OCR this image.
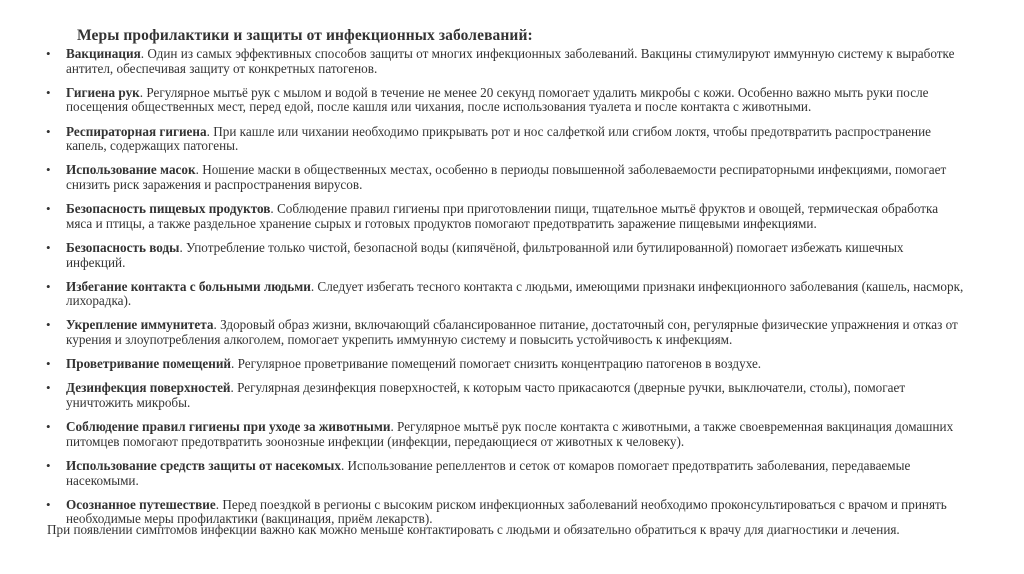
Меры профилактики и защиты от инфекционных заболеваний:
• Вакцинация. Один из самых эффективных способов защиты от многих инфекционных заболеваний. Вакцины стимулируют иммунную систему к выработке антител, обеспечивая защиту от конкретных патогенов.
• Гигиена рук. Регулярное мытьё рук с мылом и водой в течение не менее 20 секунд помогает удалить микробы с кожи. Особенно важно мыть руки после посещения общественных мест, перед едой, после кашля или чихания, после использования туалета и после контакта с животными.
• Респираторная гигиена. При кашле или чихании необходимо прикрывать рот и нос салфеткой или сгибом локтя, чтобы предотвратить распространение капель, содержащих патогены.
• Использование масок. Ношение маски в общественных местах, особенно в периоды повышенной заболеваемости респираторными инфекциями, помогает снизить риск заражения и распространения вирусов.
• Безопасность пищевых продуктов. Соблюдение правил гигиены при приготовлении пищи, тщательное мытьё фруктов и овощей, термическая обработка мяса и птицы, а также раздельное хранение сырых и готовых продуктов помогают предотвратить заражение пищевыми инфекциями.
• Безопасность воды. Употребление только чистой, безопасной воды (кипячёной, фильтрованной или бутилированной) помогает избежать кишечных инфекций.
• Избегание контакта с больными людьми. Следует избегать тесного контакта с людьми, имеющими признаки инфекционного заболевания (кашель, насморк, лихорадка).
• Укрепление иммунитета. Здоровый образ жизни, включающий сбалансированное питание, достаточный сон, регулярные физические упражнения и отказ от курения и злоупотребления алкоголем, помогает укрепить иммунную систему и повысить устойчивость к инфекциям.
• Проветривание помещений. Регулярное проветривание помещений помогает снизить концентрацию патогенов в воздухе.
• Дезинфекция поверхностей. Регулярная дезинфекция поверхностей, к которым часто прикасаются (дверные ручки, выключатели, столы), помогает уничтожить микробы.
• Соблюдение правил гигиены при уходе за животными. Регулярное мытьё рук после контакта с животными, а также своевременная вакцинация домашних питомцев помогают предотвратить зоонозные инфекции (инфекции, передающиеся от животных к человеку).
• Использование средств защиты от насекомых. Использование репеллентов и сеток от комаров помогает предотвратить заболевания, передаваемые насекомыми.
• Осознанное путешествие. Перед поездкой в регионы с высоким риском инфекционных заболеваний необходимо проконсультироваться с врачом и принять необходимые меры профилактики (вакцинация, приём лекарств).
При появлении симптомов инфекции важно как можно меньше контактировать с людьми и обязательно обратиться к врачу для диагностики и лечения.
